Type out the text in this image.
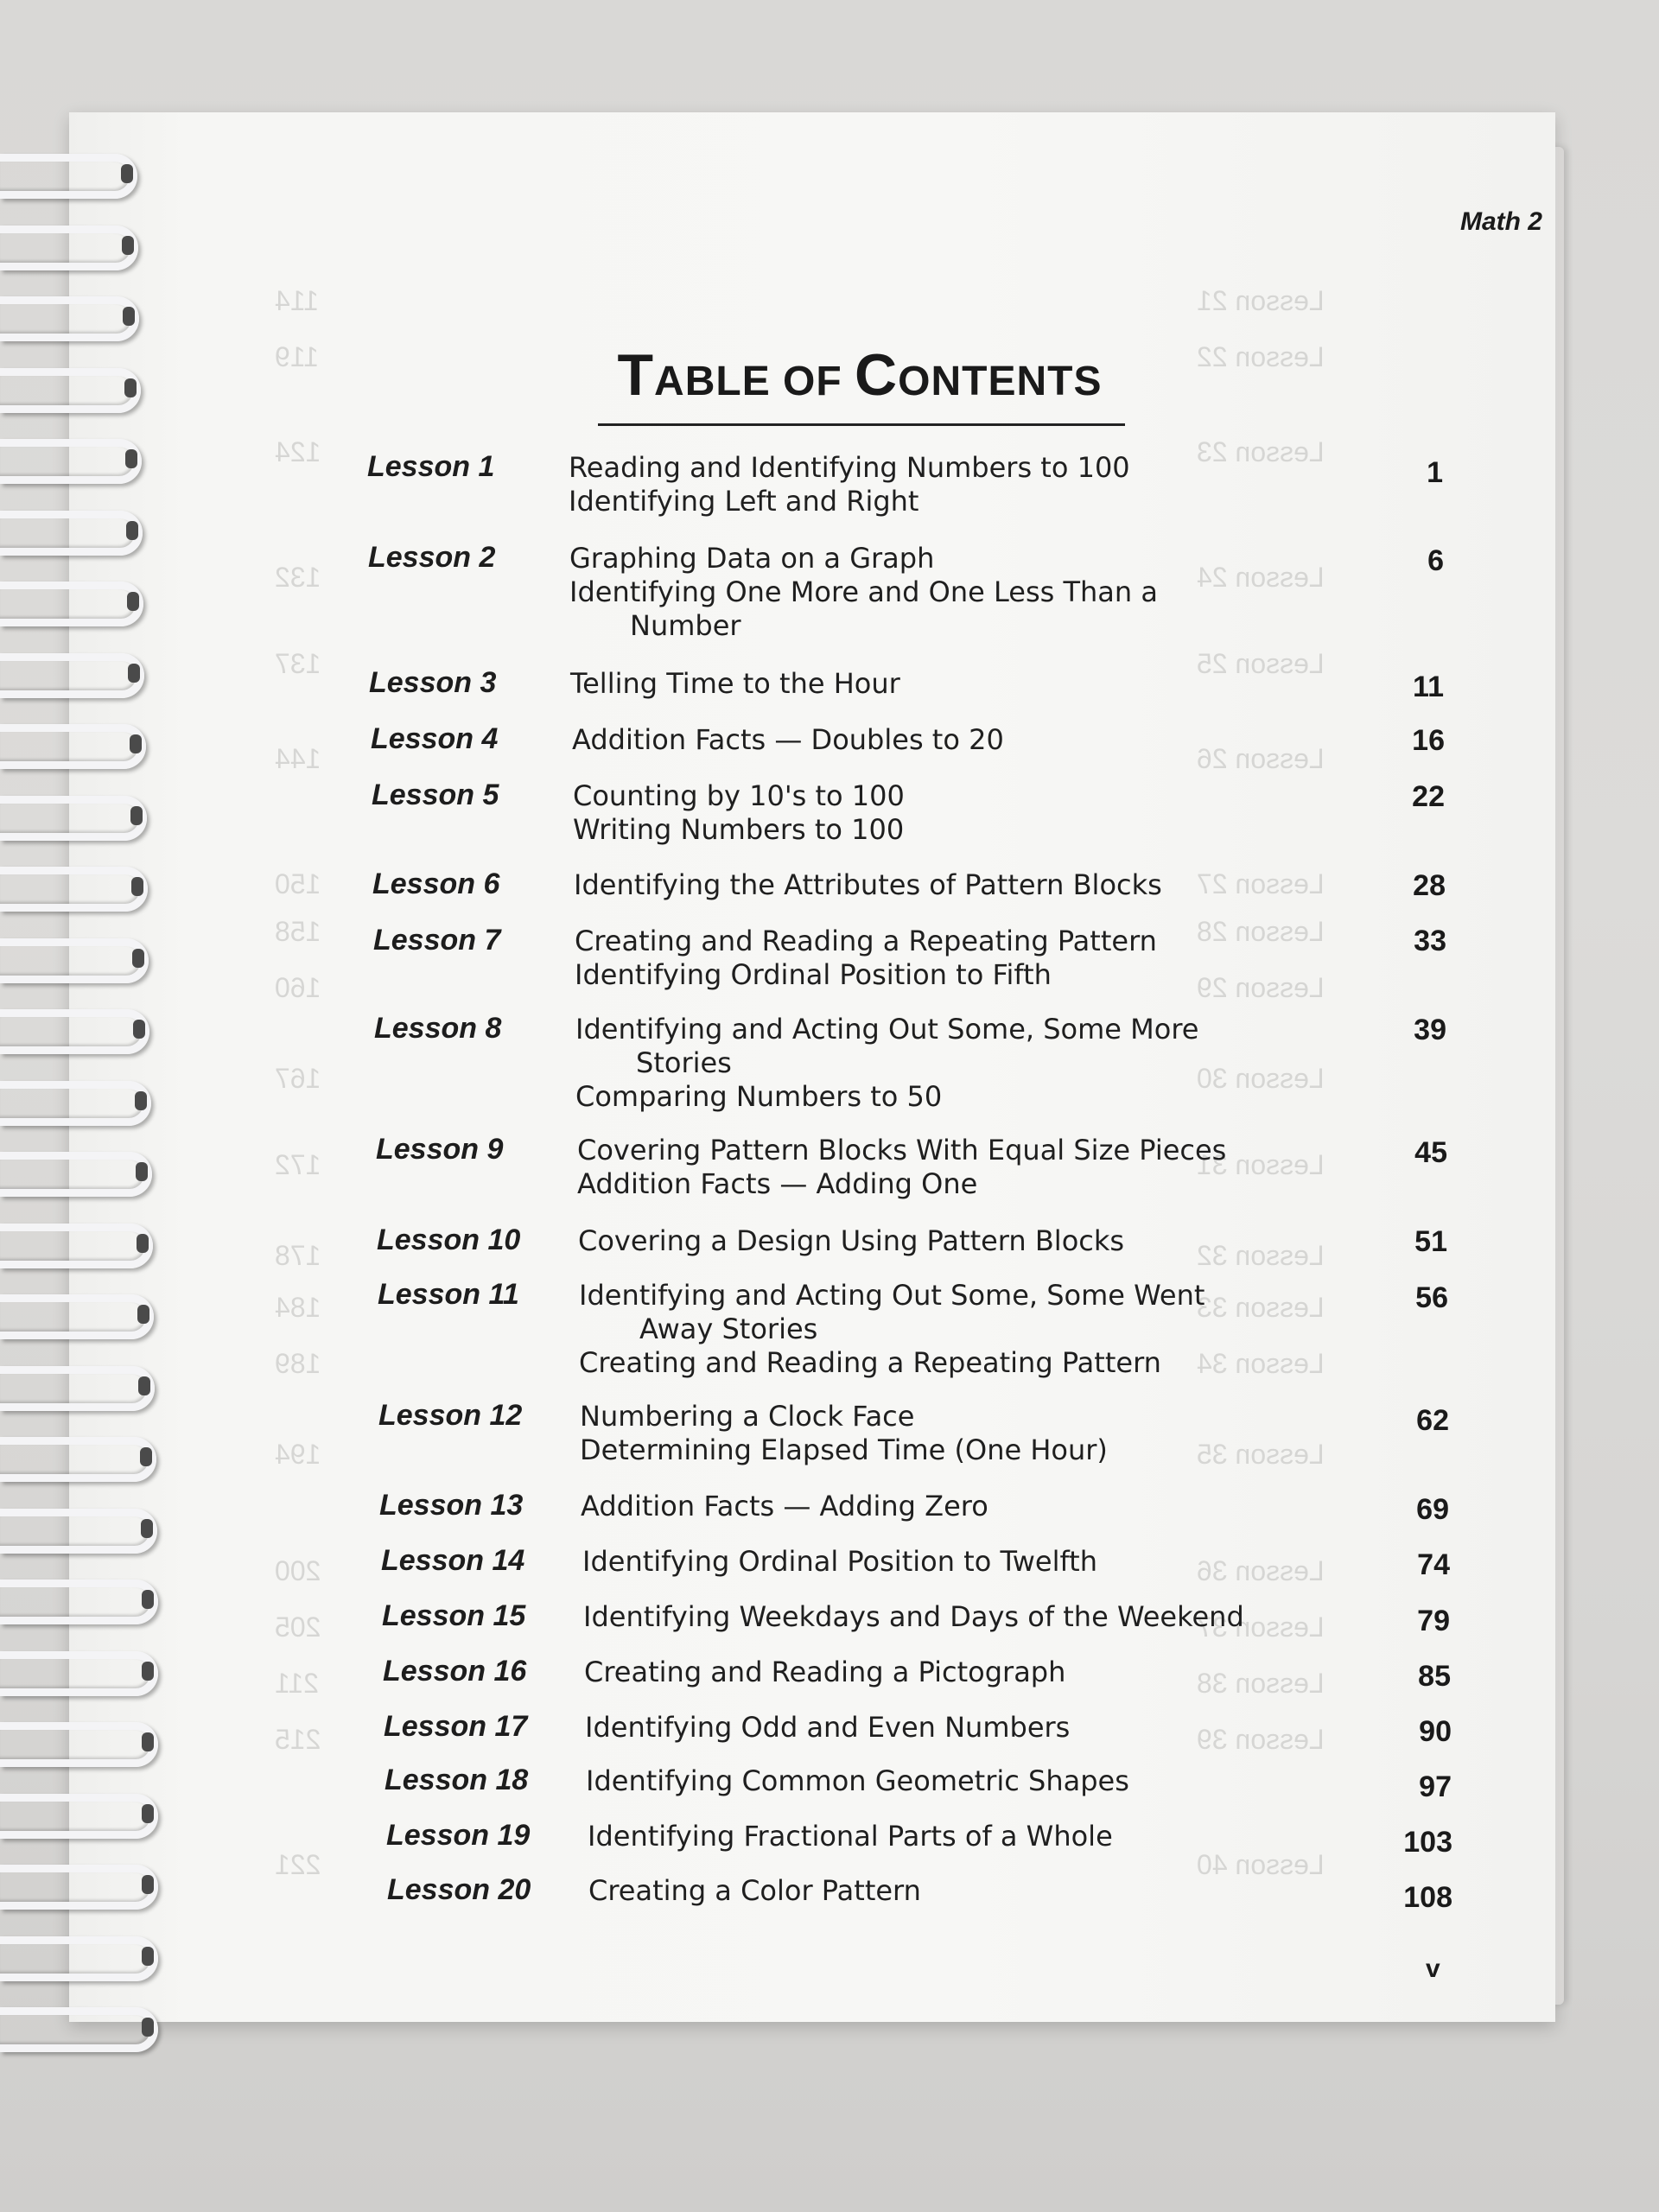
Lesson 21
114
Lesson 22
119
Lesson 23
124
Lesson 24
132
Lesson 25
137
Lesson 26
144
Lesson 27
150
Lesson 28
158
Lesson 29
160
Lesson 30
167
Lesson 31
172
Lesson 32
178
Lesson 33
184
Lesson 34
189
Lesson 35
194
Lesson 36
200
Lesson 37
205
Lesson 38
211
Lesson 39
215
Lesson 40
221
Math 2
TABLE OF CONTENTS
Lesson 1	Reading and Identifying Numbers to 100
Identifying Left and Right
1
Lesson 2	Graphing Data on a Graph
Identifying One More and One Less Than a
Number
6
Lesson 3	Telling Time to the Hour	11
Lesson 4	Addition Facts — Doubles to 20	16
Lesson 5	Counting by 10's to 100
Writing Numbers to 100
22
Lesson 6	Identifying the Attributes of Pattern Blocks	28
Lesson 7	Creating and Reading a Repeating Pattern
Identifying Ordinal Position to Fifth
33
Lesson 8	Identifying and Acting Out Some, Some More
Stories
Comparing Numbers to 50
39
Lesson 9	Covering Pattern Blocks With Equal Size Pieces
Addition Facts — Adding One
45
Lesson 10 Covering a Design Using Pattern Blocks	51
Lesson 11 Identifying and Acting Out Some, Some Went
Away Stories
Creating and Reading a Repeating Pattern
56
Lesson 12 Numbering a Clock Face
Determining Elapsed Time (One Hour)
62
Lesson 13 Addition Facts — Adding Zero	69
Lesson 14 Identifying Ordinal Position to Twelfth	74
Lesson 15 Identifying Weekdays and Days of the Weekend	79
Lesson 16 Creating and Reading a Pictograph	85
Lesson 17 Identifying Odd and Even Numbers	90
Lesson 18 Identifying Common Geometric Shapes	97
Lesson 19 Identifying Fractional Parts of a Whole	103
Lesson 20 Creating a Color Pattern	108
v
